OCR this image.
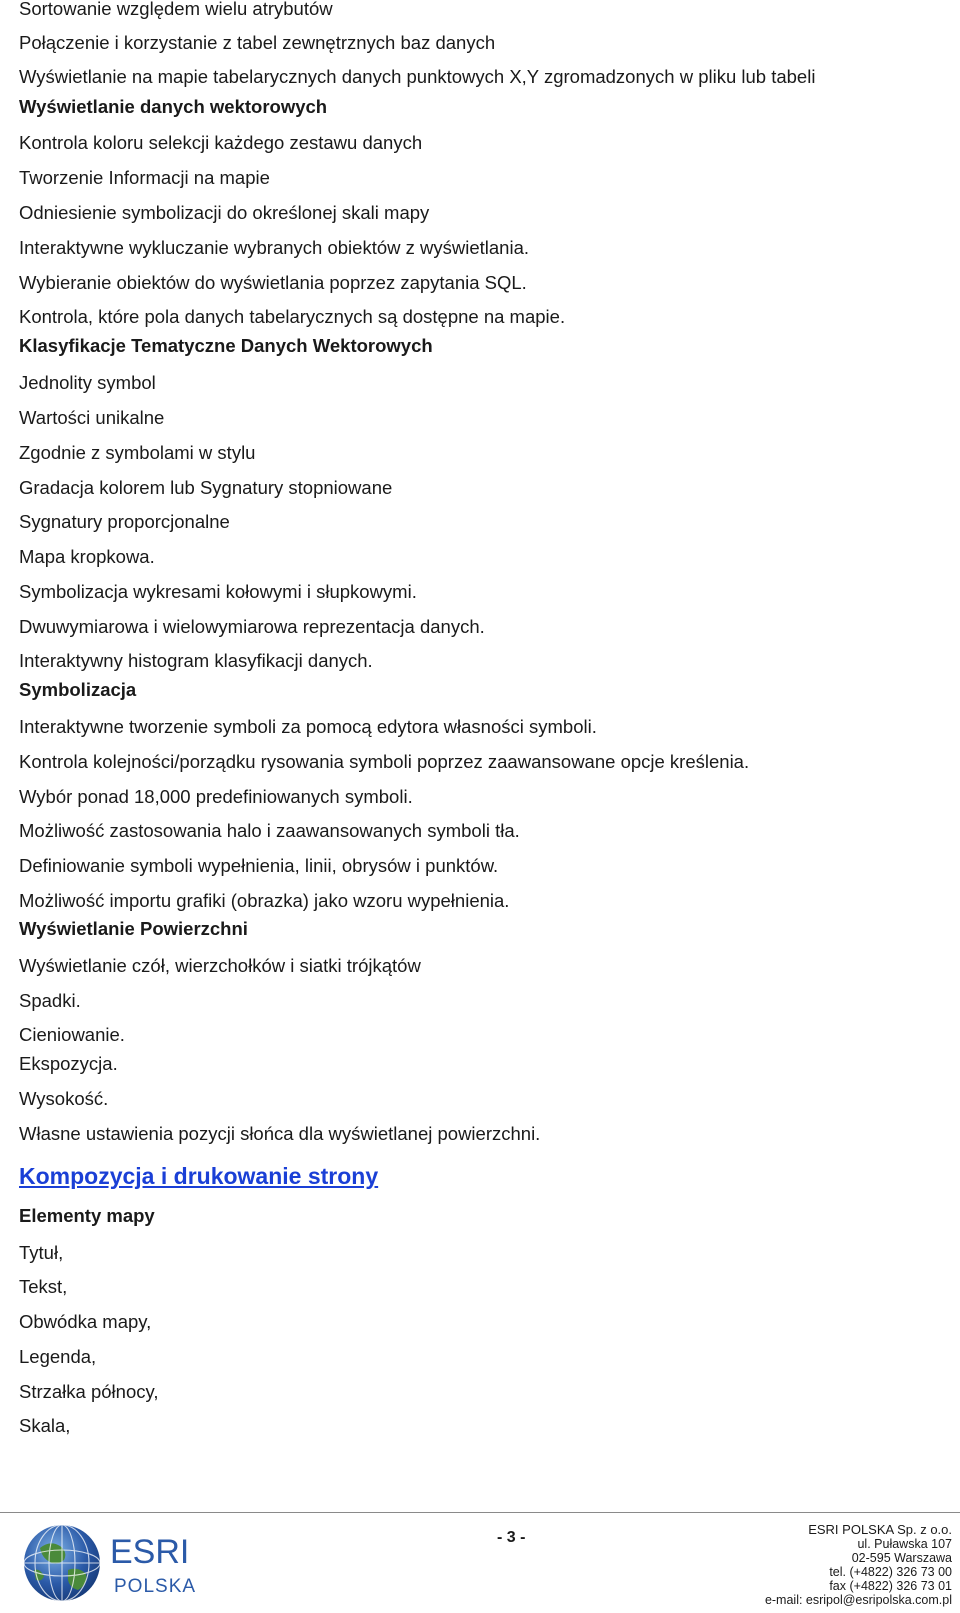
Sortowanie względem wielu atrybutów
Połączenie i korzystanie z tabel zewnętrznych baz danych
Wyświetlanie na mapie tabelarycznych danych punktowych X,Y zgromadzonych w pliku lub tabeli
Wyświetlanie danych wektorowych
Kontrola koloru selekcji każdego zestawu danych
Tworzenie Informacji na mapie
Odniesienie symbolizacji do określonej skali mapy
Interaktywne wykluczanie wybranych obiektów z wyświetlania.
Wybieranie obiektów do wyświetlania poprzez zapytania SQL.
Kontrola, które pola danych tabelarycznych są dostępne na mapie.
Klasyfikacje Tematyczne Danych Wektorowych
Jednolity symbol
Wartości unikalne
Zgodnie z symbolami w stylu
Gradacja kolorem lub Sygnatury stopniowane
Sygnatury proporcjonalne
Mapa kropkowa.
Symbolizacja wykresami kołowymi i słupkowymi.
Dwuwymiarowa i wielowymiarowa reprezentacja danych.
Interaktywny histogram klasyfikacji danych.
Symbolizacja
Interaktywne tworzenie symboli za pomocą edytora własności symboli.
Kontrola kolejności/porządku rysowania symboli poprzez zaawansowane opcje kreślenia.
Wybór ponad 18,000 predefiniowanych symboli.
Możliwość zastosowania halo i zaawansowanych symboli tła.
Definiowanie symboli wypełnienia, linii, obrysów i punktów.
Możliwość importu grafiki (obrazka) jako wzoru wypełnienia.
Wyświetlanie Powierzchni
Wyświetlanie czół, wierzchołków i siatki trójkątów
Spadki.
Cieniowanie.
Ekspozycja.
Wysokość.
Własne ustawienia pozycji słońca dla wyświetlanej powierzchni.
Kompozycja i drukowanie strony
Elementy mapy
Tytuł,
Tekst,
Obwódka mapy,
Legenda,
Strzałka północy,
Skala,
ESRI
POLSKA
- 3 -	ESRI POLSKA Sp. z o.o.
ul. Puławska 107
02-595 Warszawa
tel. (+4822) 326 73 00
fax (+4822) 326 73 01
e-mail: esripol@esripolska.com.pl
